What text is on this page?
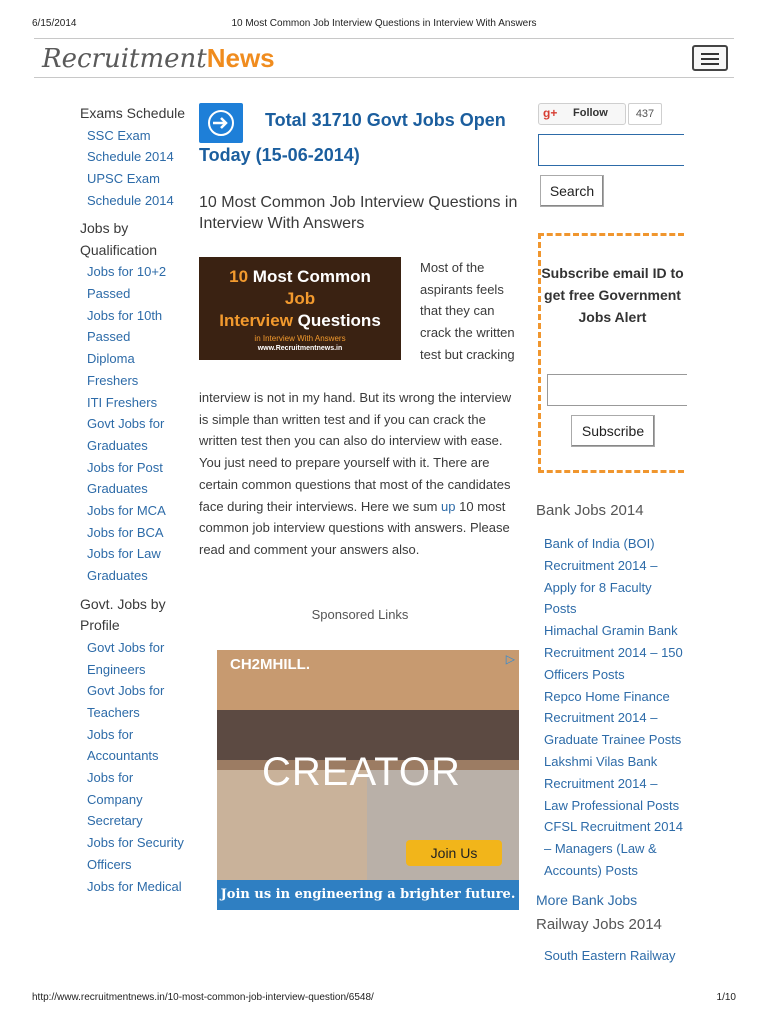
6/15/2014	10 Most Common Job Interview Questions in Interview With Answers
RecruitmentNews
Exams Schedule
SSC Exam Schedule 2014
UPSC Exam Schedule 2014
Jobs by Qualification
Jobs for 10+2 Passed
Jobs for 10th Passed
Diploma Freshers
ITI Freshers
Govt Jobs for Graduates
Jobs for Post Graduates
Jobs for MCA
Jobs for BCA
Jobs for Law Graduates
Govt. Jobs by Profile
Govt Jobs for Engineers
Govt Jobs for Teachers
Jobs for Accountants
Jobs for Company Secretary
Jobs for Security Officers
Jobs for Medical

Total 31710 Govt Jobs Open Today (15-06-2014)

10 Most Common Job Interview Questions in Interview With Answers
10 Most Common
Job
Interview Questions
in Interview With Answers
www.Recruitmentnews.in
Most of the aspirants feels that they can crack the written test but cracking
interview is not in my hand. But its wrong the interview is simple than written test and if you can crack the written test then you can also do interview with ease. You just need to prepare yourself with it. There are certain common questions that most of the candidates face during their interviews. Here we sum up 10 most common job interview questions with answers. Please read and comment your answers also.
Sponsored Links
CH2MHILL.	▷
CREATOR
Join Us
Join us in engineering a brighter future.
g+ Follow	437
Search
Subscribe email ID to get free Government Jobs Alert
Subscribe
Bank Jobs 2014
Bank of India (BOI) Recruitment 2014 – Apply for 8 Faculty Posts
Himachal Gramin Bank Recruitment 2014 – 150 Officers Posts
Repco Home Finance Recruitment 2014 – Graduate Trainee Posts
Lakshmi Vilas Bank Recruitment 2014 – Law Professional Posts
CFSL Recruitment 2014 – Managers (Law & Accounts) Posts
More Bank Jobs
Railway Jobs 2014
South Eastern Railway
http://www.recruitmentnews.in/10-most-common-job-interview-question/6548/	1/10
